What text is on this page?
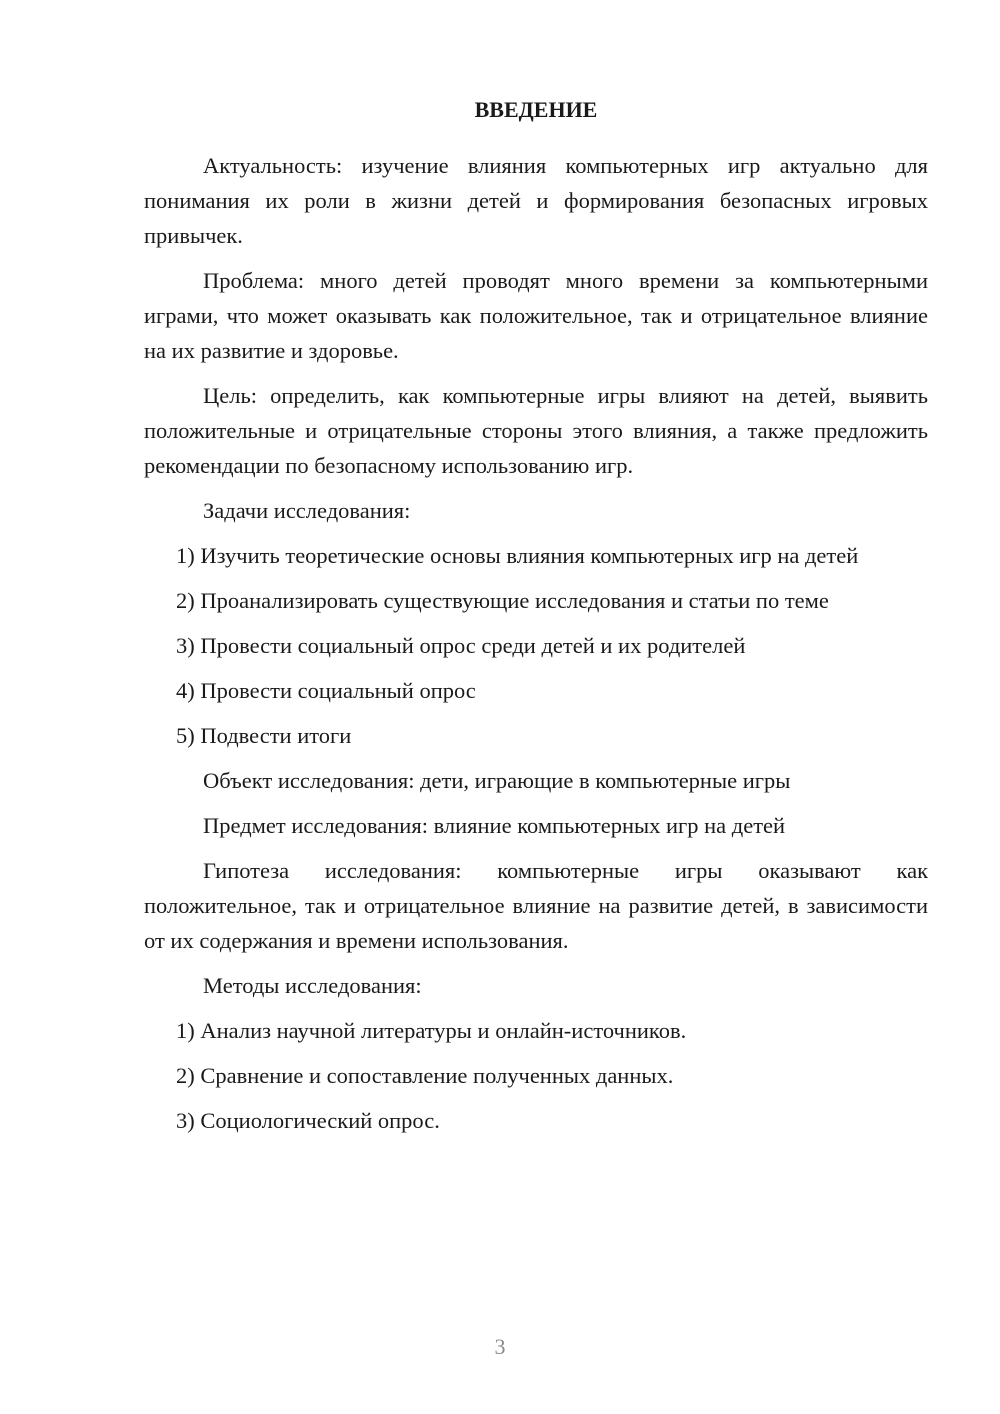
ВВЕДЕНИЕ

Актуальность: изучение влияния компьютерных игр актуально для понимания их роли в жизни детей и формирования безопасных игровых привычек.

Проблема: много детей проводят много времени за компьютерными играми, что может оказывать как положительное, так и отрицательное влияние на их развитие и здоровье.

Цель: определить, как компьютерные игры влияют на детей, выявить положительные и отрицательные стороны этого влияния, а также предложить рекомендации по безопасному использованию игр.

Задачи исследования:

1) Изучить теоретические основы влияния компьютерных игр на детей

2) Проанализировать существующие исследования и статьи по теме

3) Провести социальный опрос среди детей и их родителей

4) Провести социальный опрос

5) Подвести итоги

Объект исследования: дети, играющие в компьютерные игры

Предмет исследования: влияние компьютерных игр на детей

Гипотеза исследования: компьютерные игры оказывают как положительное, так и отрицательное влияние на развитие детей, в зависимости от их содержания и времени использования.

Методы исследования:

1) Анализ научной литературы и онлайн-источников.

2) Сравнение и сопоставление полученных данных.

3) Социологический опрос.

3
